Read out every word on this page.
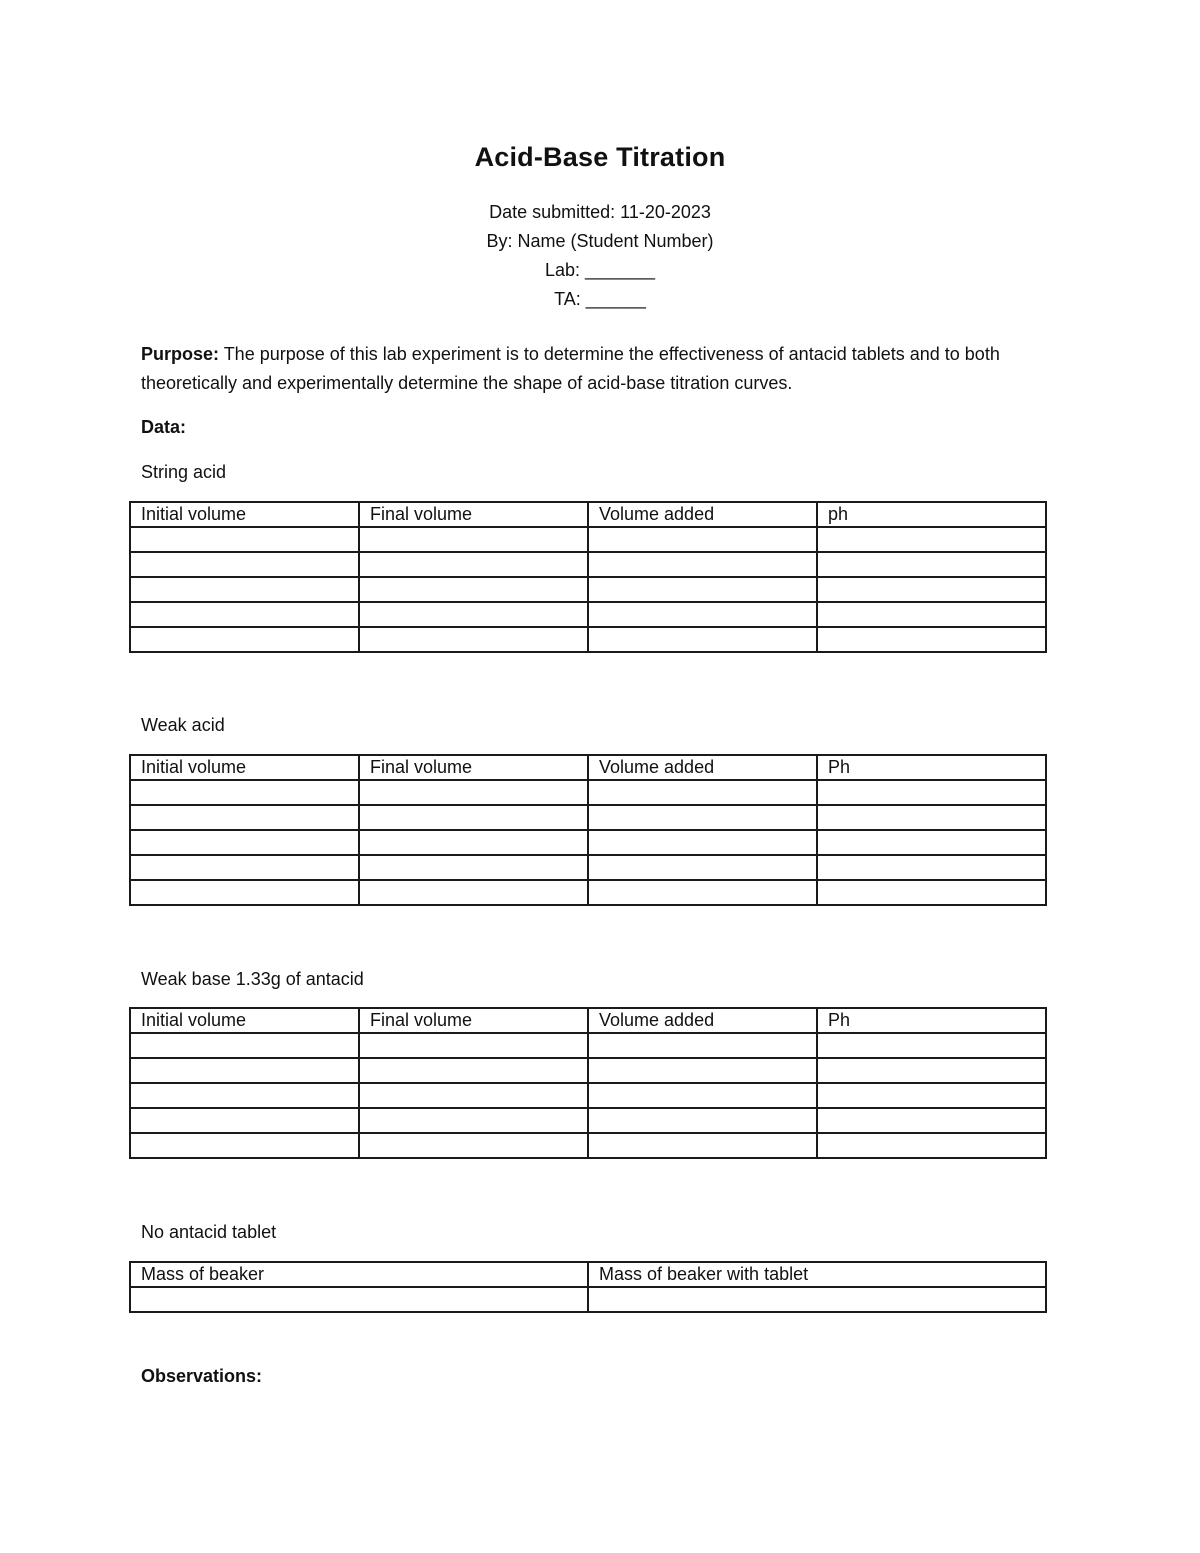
Acid-Base Titration
Date submitted: 11-20-2023
By: Name (Student Number)
Lab: _______
TA: ______
Purpose: The purpose of this lab experiment is to determine the effectiveness of antacid tablets and to both theoretically and experimentally determine the shape of acid-base titration curves.
Data:
String acid
Initial volume	Final volume	Volume added	ph

Weak acid
Initial volume	Final volume	Volume added	Ph

Weak base 1.33g of antacid
Initial volume	Final volume	Volume added	Ph

No antacid tablet
Mass of beaker	Mass of beaker with tablet

Observations:
